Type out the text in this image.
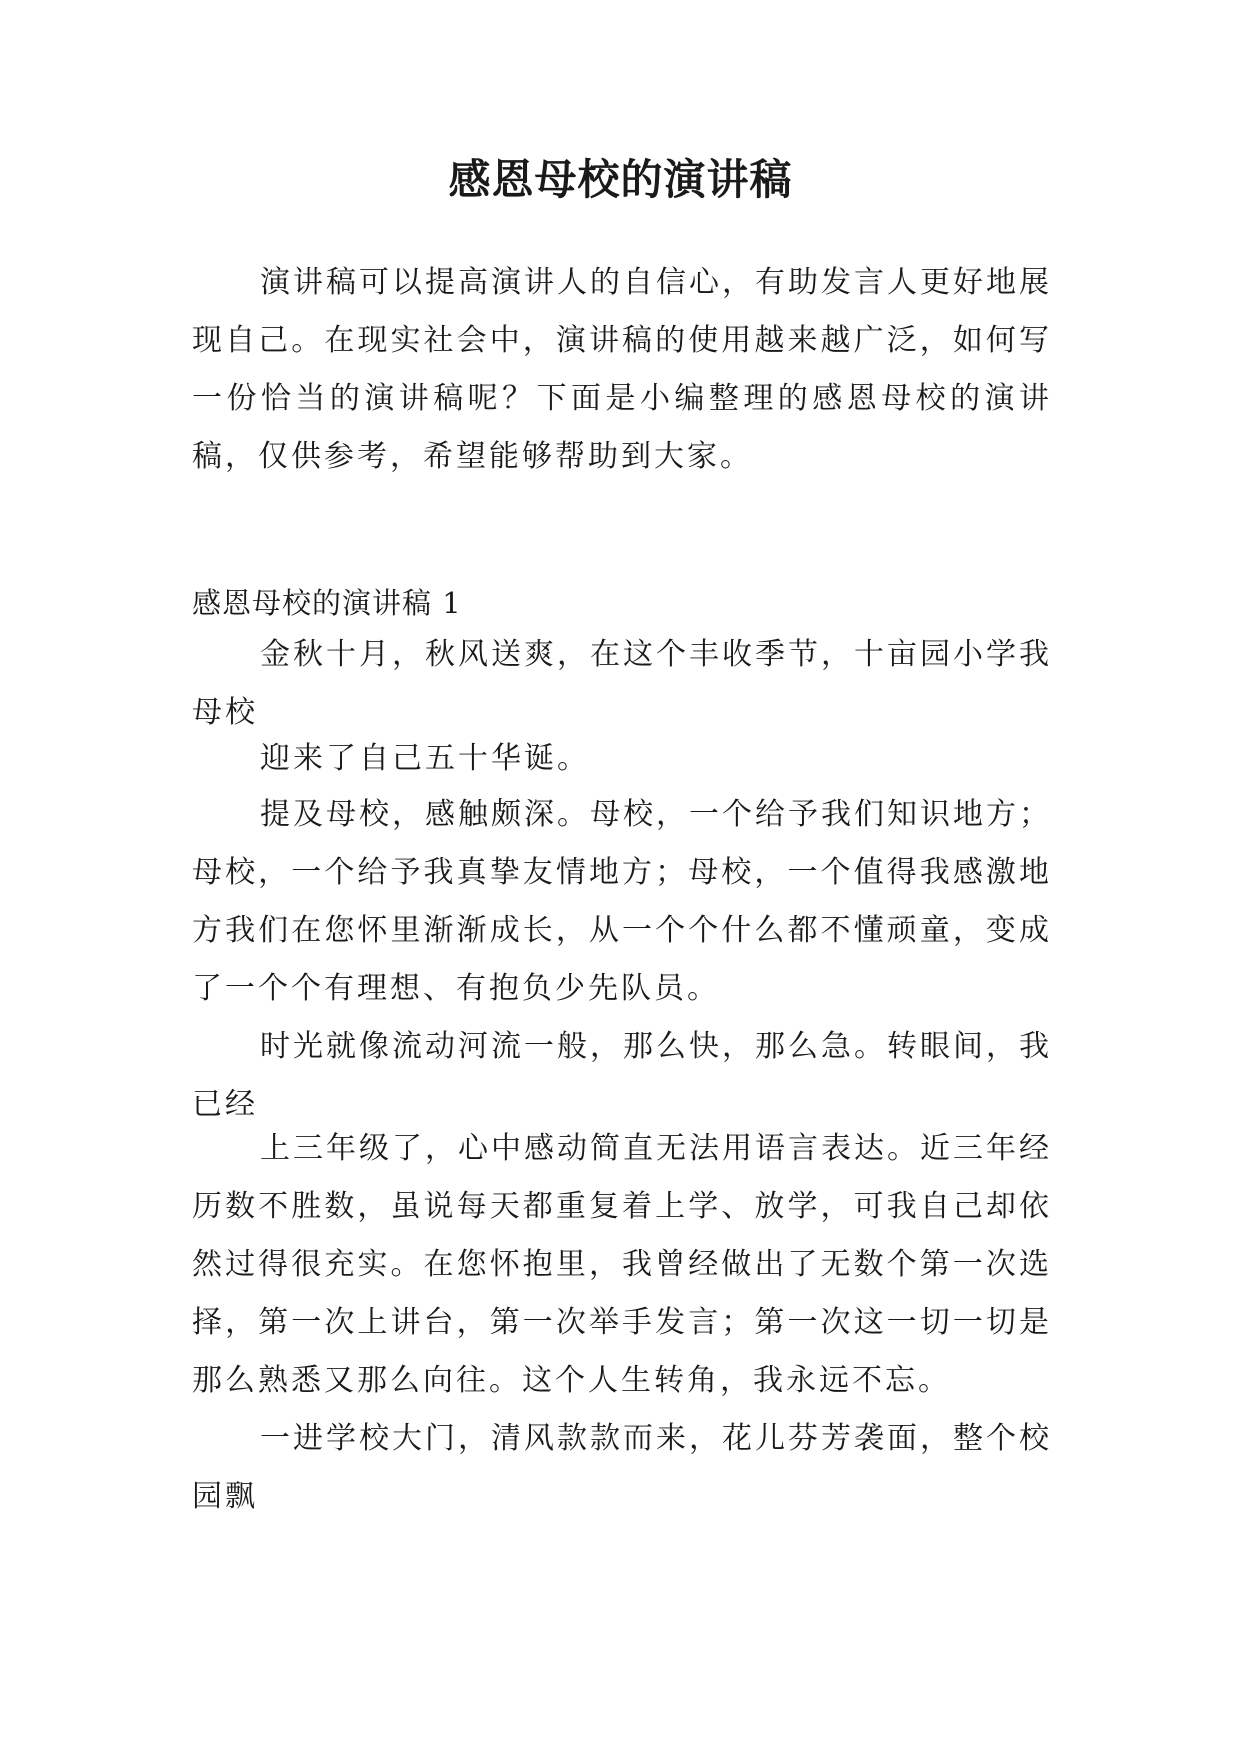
感恩母校的演讲稿

演讲稿可以提高演讲人的自信心，有助发言人更好地展现自己。在现实社会中，演讲稿的使用越来越广泛，如何写一份恰当的演讲稿呢？下面是小编整理的感恩母校的演讲稿，仅供参考，希望能够帮助到大家。

感恩母校的演讲稿 1

金秋十月，秋风送爽，在这个丰收季节，十亩园小学我母校

迎来了自己五十华诞。

提及母校，感触颇深。母校，一个给予我们知识地方；母校，一个给予我真挚友情地方；母校，一个值得我感激地方我们在您怀里渐渐成长，从一个个什么都不懂顽童，变成了一个个有理想、有抱负少先队员。

时光就像流动河流一般，那么快，那么急。转眼间，我已经

上三年级了，心中感动简直无法用语言表达。近三年经历数不胜数，虽说每天都重复着上学、放学，可我自己却依然过得很充实。在您怀抱里，我曾经做出了无数个第一次选择，第一次上讲台，第一次举手发言；第一次这一切一切是那么熟悉又那么向往。这个人生转角，我永远不忘。

一进学校大门，清风款款而来，花儿芬芳袭面，整个校园飘
